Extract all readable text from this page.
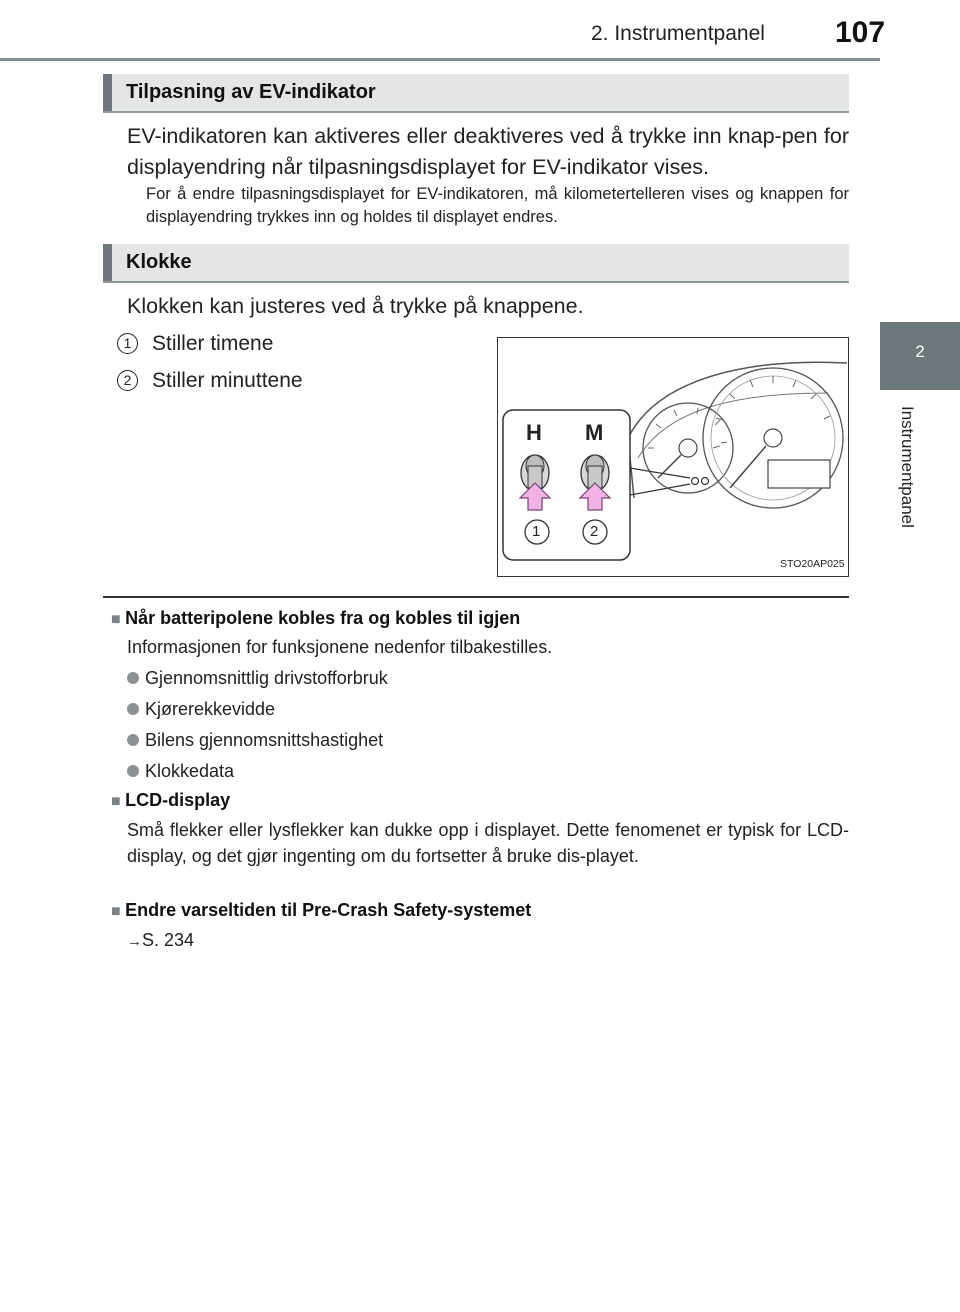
2. Instrumentpanel 107
2
Instrumentpanel
Tilpasning av EV-indikator
EV-indikatoren kan aktiveres eller deaktiveres ved å trykke inn knap-pen for displayendring når tilpasningsdisplayet for EV-indikator vises.
For å endre tilpasningsdisplayet for EV-indikatoren, må kilometertelleren vises og knappen for displayendring trykkes inn og holdes til displayet endres.
Klokke
Klokken kan justeres ved å trykke på knappene.
1 Stiller timene
2 Stiller minuttene
H M
1	2
STO20AP025
■ Når batteripolene kobles fra og kobles til igjen
Informasjonen for funksjonene nedenfor tilbakestilles.
Gjennomsnittlig drivstofforbruk
Kjørerekkevidde
Bilens gjennomsnittshastighet
Klokkedata
■ LCD-display
Små flekker eller lysflekker kan dukke opp i displayet. Dette fenomenet er typisk for LCD-display, og det gjør ingenting om du fortsetter å bruke dis-playet.
■ Endre varseltiden til Pre-Crash Safety-systemet
→S. 234
